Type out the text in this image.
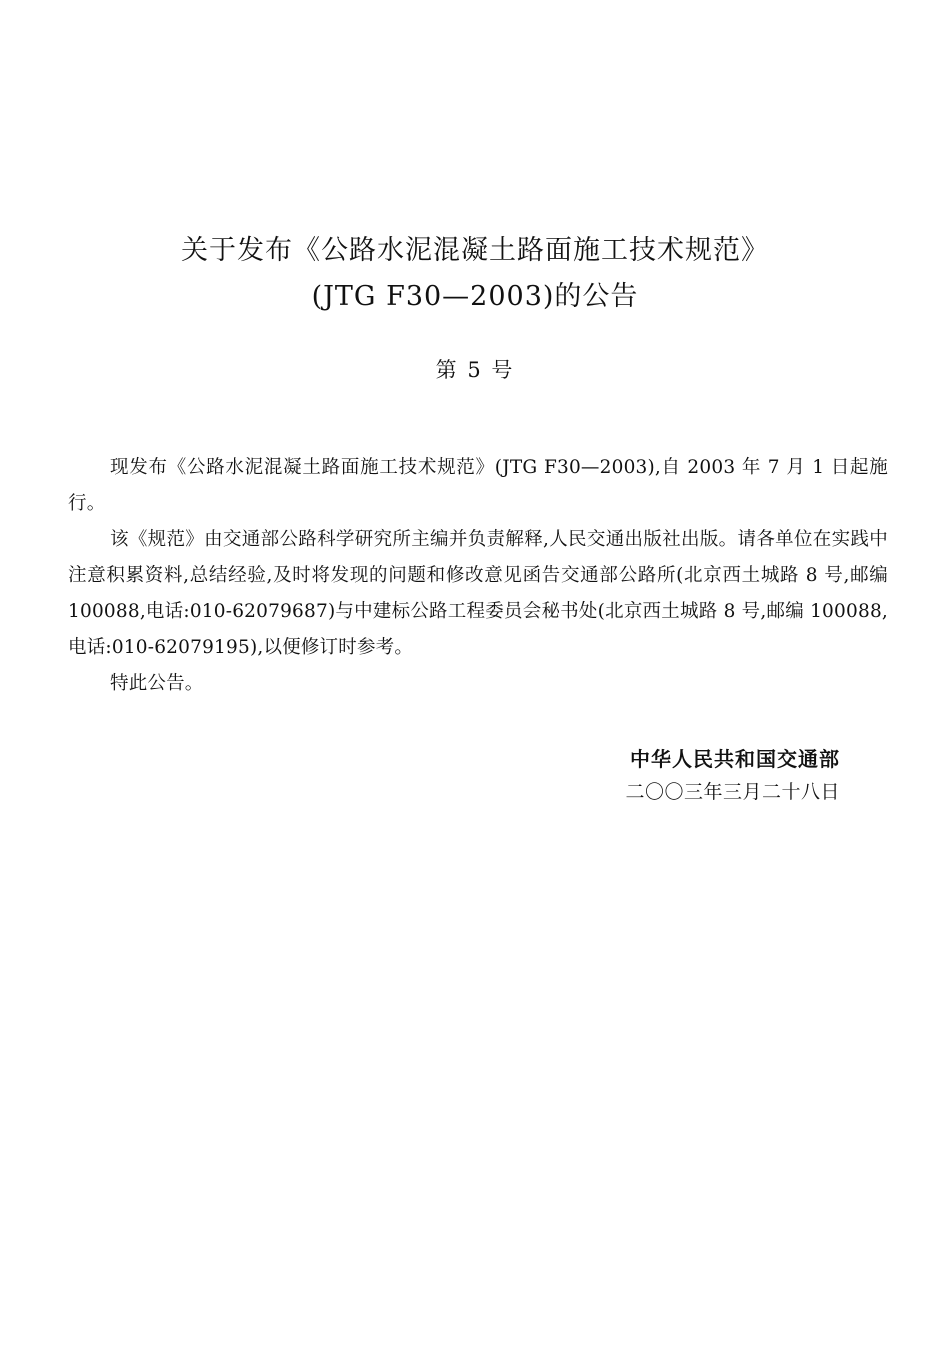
关于发布《公路水泥混凝土路面施工技术规范》
(JTG F30—2003)的公告
第 5 号

现发布《公路水泥混凝土路面施工技术规范》(JTG F30—2003),自 2003 年 7 月 1 日起施行。

该《规范》由交通部公路科学研究所主编并负责解释,人民交通出版社出版。请各单位在实践中注意积累资料,总结经验,及时将发现的问题和修改意见函告交通部公路所(北京西土城路 8 号,邮编 100088,电话:010-62079687)与中建标公路工程委员会秘书处(北京西土城路 8 号,邮编 100088,电话:010-62079195),以便修订时参考。

特此公告。

中华人民共和国交通部
二〇〇三年三月二十八日
